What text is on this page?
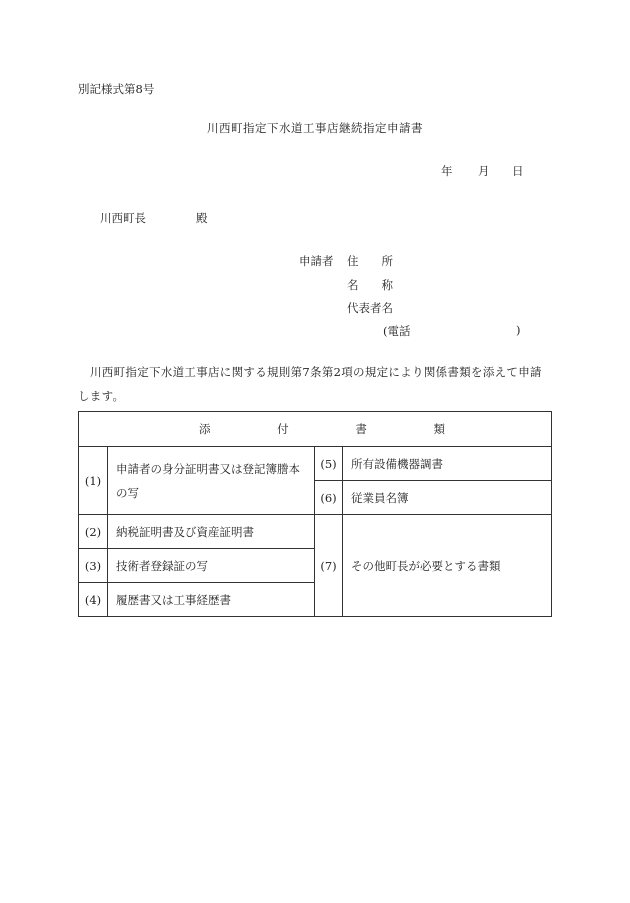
別記様式第8号
川西町指定下水道工事店継続指定申請書
年 月 日
川西町長	殿
申請者 住　　所
名　　称
代表者名
(電話	)
川西町指定下水道工事店に関する規則第7条第2項の規定により関係書類を添えて申請します。
添 付 書 類			

(1)	申請者の身分証明書又は登記簿謄本の写	(5)	所有設備機器調書
		(6)	従業員名簿
(2)	納税証明書及び資産証明書	(7)	その他町長が必要とする書類
(3)	技術者登録証の写		
(4)	履歴書又は工事経歴書		
